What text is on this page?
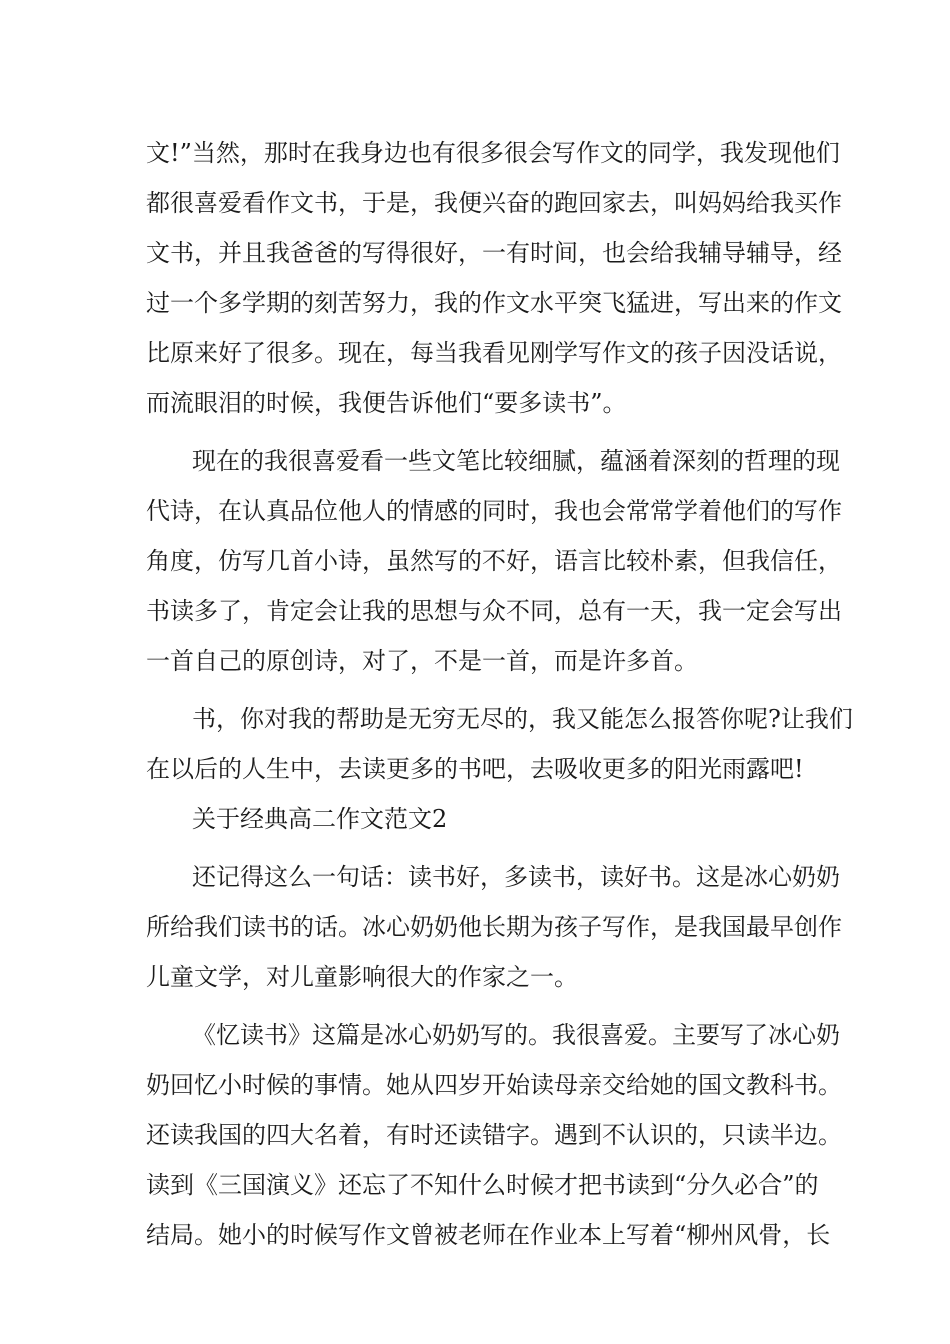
文!”当然，那时在我身边也有很多很会写作文的同学，我发现他们
都很喜爱看作文书，于是，我便兴奋的跑回家去，叫妈妈给我买作
文书，并且我爸爸的写得很好，一有时间，也会给我辅导辅导，经
过一个多学期的刻苦努力，我的作文水平突飞猛进，写出来的作文
比原来好了很多。现在，每当我看见刚学写作文的孩子因没话说，
而流眼泪的时候，我便告诉他们“要多读书”。
现在的我很喜爱看一些文笔比较细腻，蕴涵着深刻的哲理的现
代诗，在认真品位他人的情感的同时，我也会常常学着他们的写作
角度，仿写几首小诗，虽然写的不好，语言比较朴素，但我信任，
书读多了，肯定会让我的思想与众不同，总有一天，我一定会写出
一首自己的原创诗，对了，不是一首，而是许多首。
书，你对我的帮助是无穷无尽的，我又能怎么报答你呢?让我们
在以后的人生中，去读更多的书吧，去吸收更多的阳光雨露吧!
关于经典高二作文范文2
还记得这么一句话：读书好，多读书，读好书。这是冰心奶奶
所给我们读书的话。冰心奶奶他长期为孩子写作，是我国最早创作
儿童文学，对儿童影响很大的作家之一。
《忆读书》这篇是冰心奶奶写的。我很喜爱。主要写了冰心奶
奶回忆小时候的事情。她从四岁开始读母亲交给她的国文教科书。
还读我国的四大名着，有时还读错字。遇到不认识的，只读半边。
读到《三国演义》还忘了不知什么时候才把书读到“分久必合”的
结局。她小的时候写作文曾被老师在作业本上写着“柳州风骨，长
